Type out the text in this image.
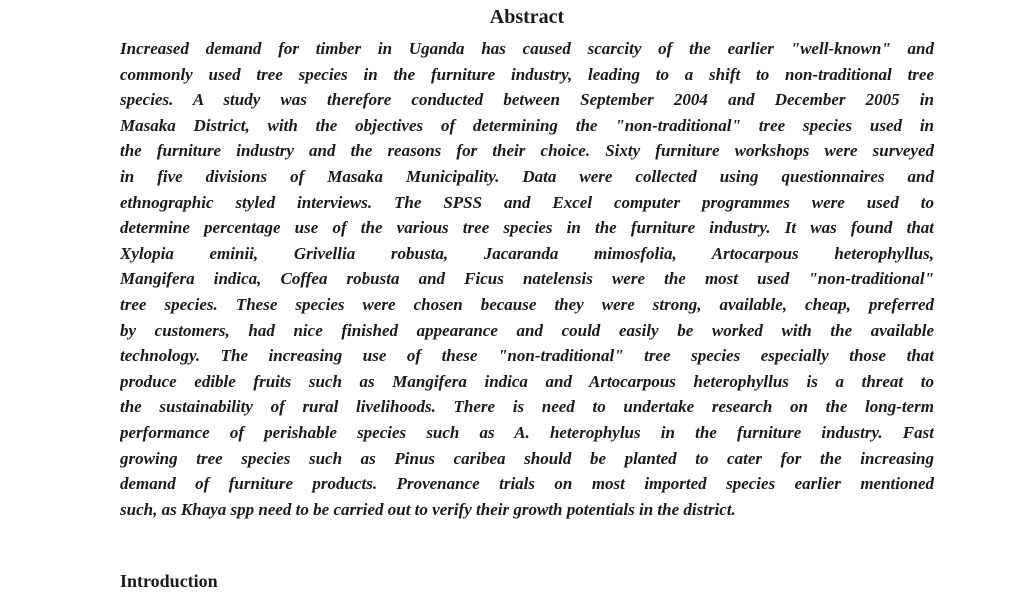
Abstract
Increased demand for timber in Uganda has caused scarcity of the earlier "well-known" and
commonly used tree species in the furniture industry, leading to a shift to non-traditional tree
species. A study was therefore conducted between September 2004 and December 2005 in
Masaka District, with the objectives of determining the "non-traditional" tree species used in
the furniture industry and the reasons for their choice. Sixty furniture workshops were surveyed
in five divisions of Masaka Municipality. Data were collected using questionnaires and
ethnographic styled interviews. The SPSS and Excel computer programmes were used to
determine percentage use of the various tree species in the furniture industry. It was found that
Xylopia eminii, Grivellia robusta, Jacaranda mimosfolia, Artocarpous heterophyllus,
Mangifera indica, Coffea robusta and Ficus natelensis were the most used "non-traditional"
tree species. These species were chosen because they were strong, available, cheap, preferred
by customers, had nice finished appearance and could easily be worked with the available
technology. The increasing use of these "non-traditional" tree species especially those that
produce edible fruits such as Mangifera indica and Artocarpous heterophyllus is a threat to
the sustainability of rural livelihoods. There is need to undertake research on the long-term
performance of perishable species such as A. heterophylus in the furniture industry. Fast
growing tree species such as Pinus caribea should be planted to cater for the increasing
demand of furniture products. Provenance trials on most imported species earlier mentioned
such, as Khaya spp need to be carried out to verify their growth potentials in the district.
Introduction
